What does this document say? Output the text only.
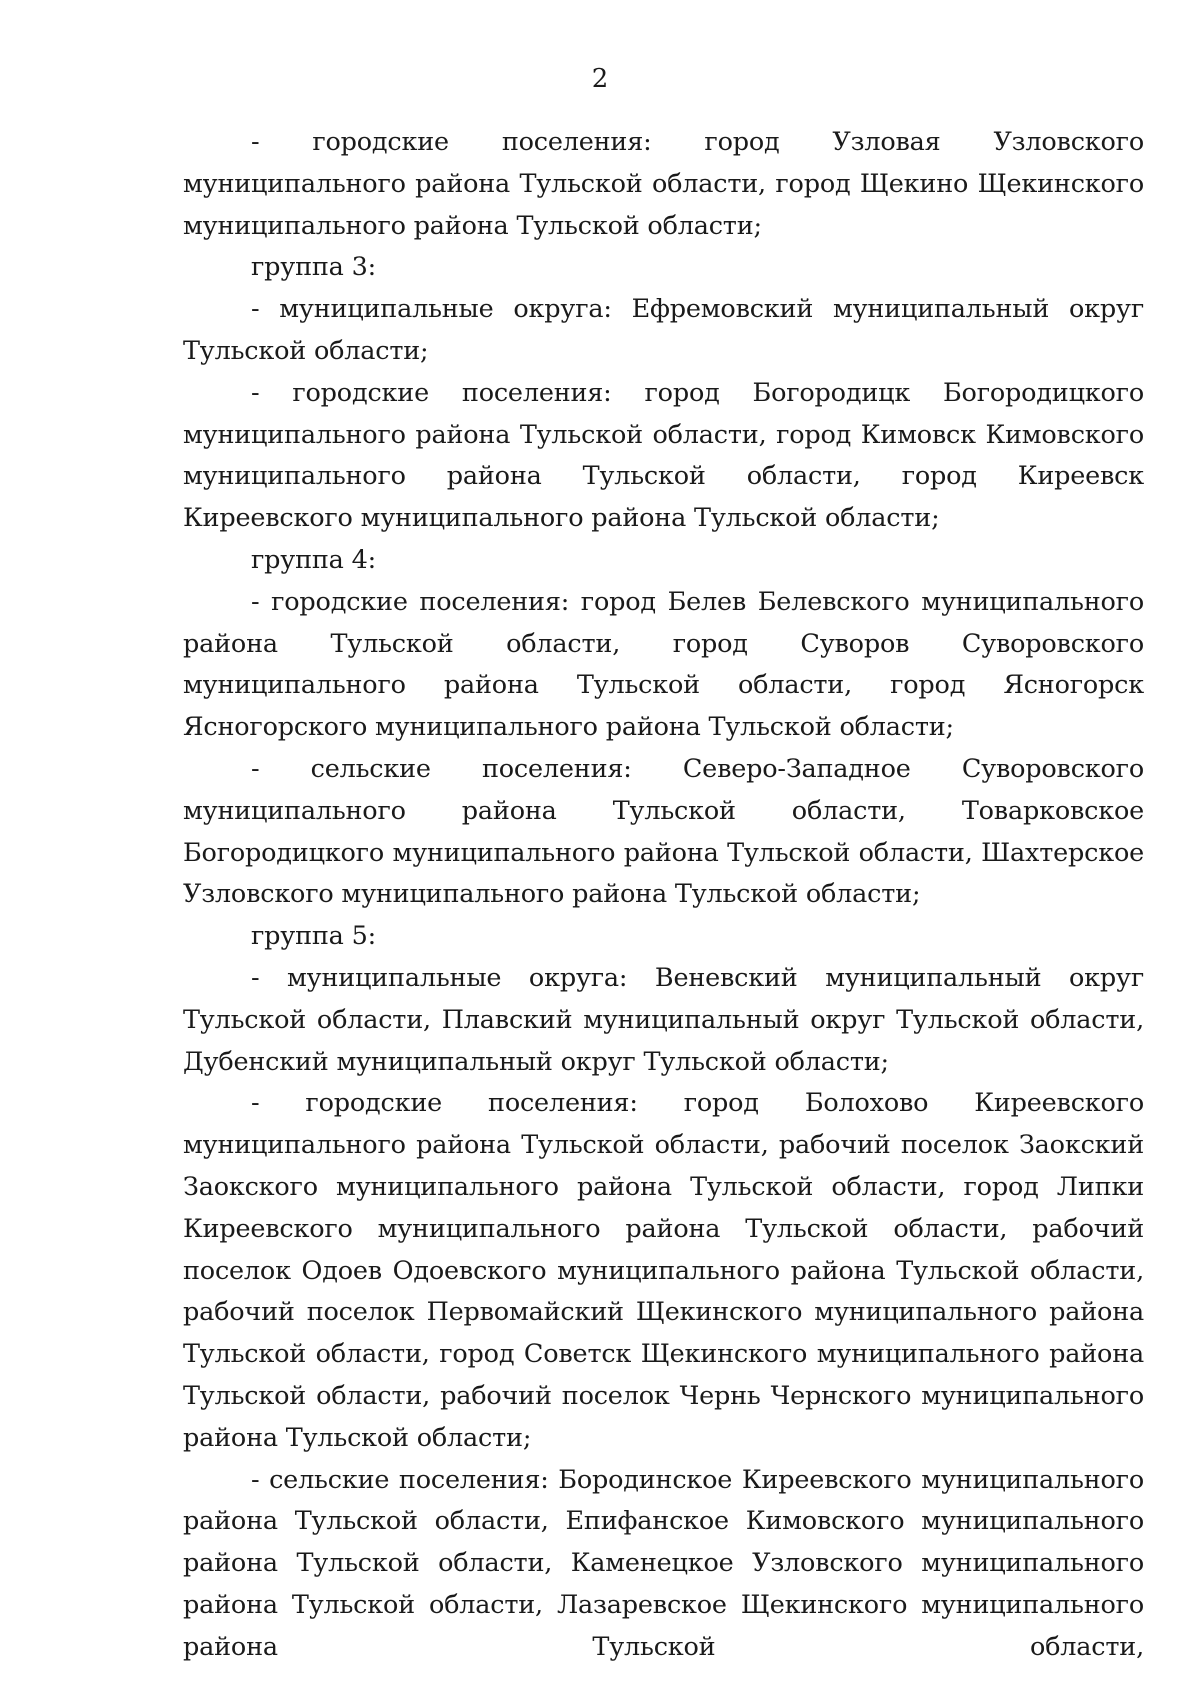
2

- городские поселения: город Узловая Узловского муниципального района Тульской области, город Щекино Щекинского муниципального района Тульской области;

группа 3:

- муниципальные округа: Ефремовский муниципальный округ Тульской области;

- городские поселения: город Богородицк Богородицкого муниципального района Тульской области, город Кимовск Кимовского муниципального района Тульской области, город Киреевск Киреевского муниципального района Тульской области;

группа 4:

- городские поселения: город Белев Белевского муниципального района Тульской области, город Суворов Суворовского муниципального района Тульской области, город Ясногорск Ясногорского муниципального района Тульской области;

- сельские поселения: Северо-Западное Суворовского муниципального района Тульской области, Товарковское Богородицкого муниципального района Тульской области, Шахтерское Узловского муниципального района Тульской области;

группа 5:

- муниципальные округа: Веневский муниципальный округ Тульской области, Плавский муниципальный округ Тульской области, Дубенский муниципальный округ Тульской области;

- городские поселения: город Болохово Киреевского муниципального района Тульской области, рабочий поселок Заокский Заокского муниципального района Тульской области, город Липки Киреевского муниципального района Тульской области, рабочий поселок Одоев Одоевского муниципального района Тульской области, рабочий поселок Первомайский Щекинского муниципального района Тульской области, город Советск Щекинского муниципального района Тульской области, рабочий поселок Чернь Чернского муниципального района Тульской области;

- сельские поселения: Бородинское Киреевского муниципального района Тульской области, Епифанское Кимовского муниципального района Тульской области, Каменецкое Узловского муниципального района Тульской области, Лазаревское Щекинского муниципального района Тульской области,
